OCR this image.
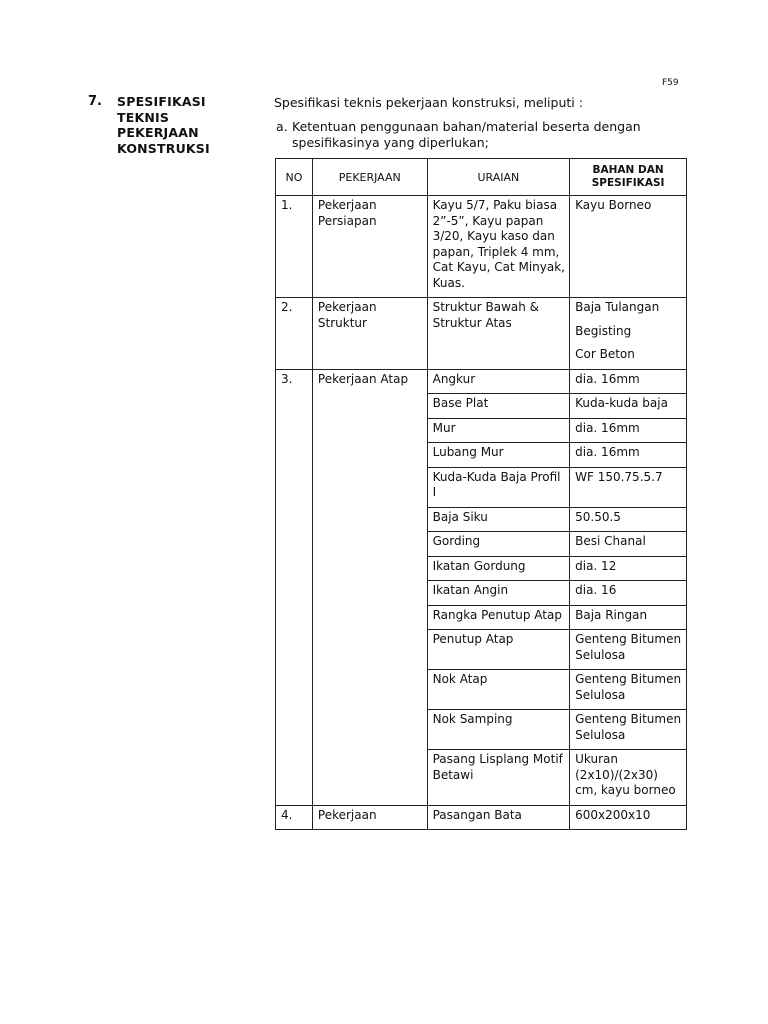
F59
7. SPESIFIKASI
TEKNIS
PEKERJAAN
KONSTRUKSI
Spesifikasi teknis pekerjaan konstruksi, meliputi :
a. Ketentuan penggunaan bahan/material beserta dengan spesifikasinya yang diperlukan;
NO	PEKERJAAN	URAIAN	BAHAN DAN SPESIFIKASI
1.	Pekerjaan Persiapan	Kayu 5/7, Paku biasa 2”-5”, Kayu papan 3/20, Kayu kaso dan papan, Triplek 4 mm, Cat Kayu, Cat Minyak, Kuas.	Kayu Borneo

2.	Pekerjaan Struktur	Struktur Bawah & Struktur Atas	Baja Tulangan
Begisting
Cor Beton

3.	Pekerjaan Atap	Angkur	dia. 16mm

		Base Plat	Kuda-kuda baja

		Mur	dia. 16mm

		Lubang Mur	dia. 16mm

		Kuda-Kuda Baja Profil I	WF 150.75.5.7

		Baja Siku	50.50.5

		Gording	Besi Chanal

		Ikatan Gordung	dia. 12

		Ikatan Angin	dia. 16

		Rangka Penutup Atap	Baja Ringan

		Penutup Atap	Genteng Bitumen Selulosa

		Nok Atap	Genteng Bitumen Selulosa

		Nok Samping	Genteng Bitumen Selulosa

		Pasang Lisplang Motif Betawi	Ukuran (2x10)/(2x30) cm, kayu borneo

4.	Pekerjaan	Pasangan Bata	600x200x10
